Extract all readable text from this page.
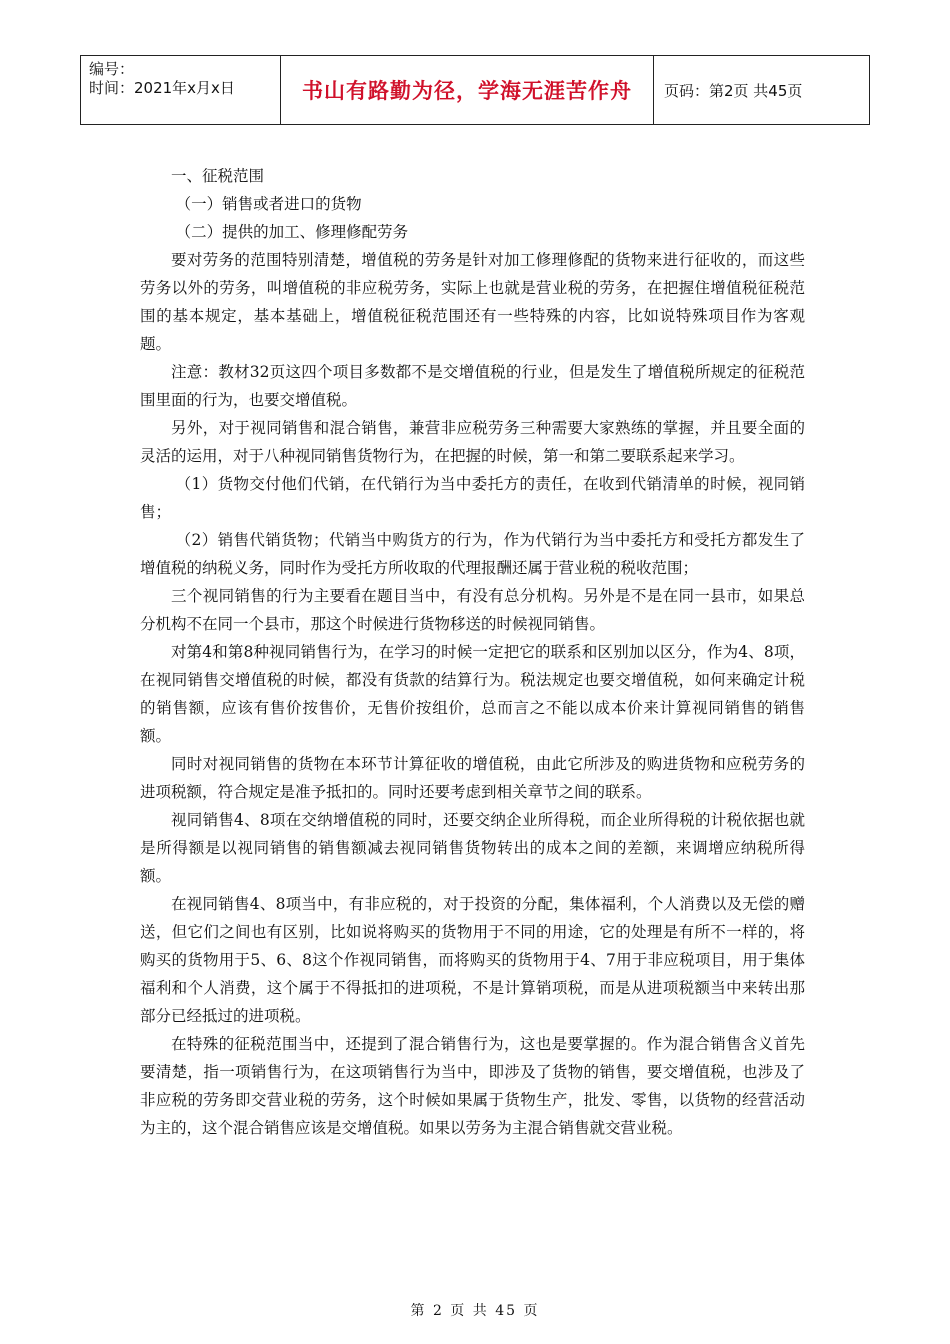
编号：
时间：2021年x月x日	书山有路勤为径，学海无涯苦作舟	页码：第2页 共45页

一、征税范围

（一）销售或者进口的货物

（二）提供的加工、修理修配劳务

要对劳务的范围特别清楚，增值税的劳务是针对加工修理修配的货物来进行征收的，而这些劳务以外的劳务，叫增值税的非应税劳务，实际上也就是营业税的劳务，在把握住增值税征税范围的基本规定，基本基础上，增值税征税范围还有一些特殊的内容，比如说特殊项目作为客观题。

注意：教材32页这四个项目多数都不是交增值税的行业，但是发生了增值税所规定的征税范围里面的行为，也要交增值税。

另外，对于视同销售和混合销售，兼营非应税劳务三种需要大家熟练的掌握，并且要全面的灵活的运用，对于八种视同销售货物行为，在把握的时候，第一和第二要联系起来学习。

（1）货物交付他们代销，在代销行为当中委托方的责任，在收到代销清单的时候，视同销售；

（2）销售代销货物；代销当中购货方的行为，作为代销行为当中委托方和受托方都发生了增值税的纳税义务，同时作为受托方所收取的代理报酬还属于营业税的税收范围；

三个视同销售的行为主要看在题目当中，有没有总分机构。另外是不是在同一县市，如果总分机构不在同一个县市，那这个时候进行货物移送的时候视同销售。

对第4和第8种视同销售行为，在学习的时候一定把它的联系和区别加以区分，作为4、8项，在视同销售交增值税的时候，都没有货款的结算行为。税法规定也要交增值税，如何来确定计税的销售额，应该有售价按售价，无售价按组价，总而言之不能以成本价来计算视同销售的销售额。

同时对视同销售的货物在本环节计算征收的增值税，由此它所涉及的购进货物和应税劳务的进项税额，符合规定是准予抵扣的。同时还要考虑到相关章节之间的联系。

视同销售4、8项在交纳增值税的同时，还要交纳企业所得税，而企业所得税的计税依据也就是所得额是以视同销售的销售额减去视同销售货物转出的成本之间的差额，来调增应纳税所得额。

在视同销售4、8项当中，有非应税的，对于投资的分配，集体福利，个人消费以及无偿的赠送，但它们之间也有区别，比如说将购买的货物用于不同的用途，它的处理是有所不一样的，将购买的货物用于5、6、8这个作视同销售，而将购买的货物用于4、7用于非应税项目，用于集体福利和个人消费，这个属于不得抵扣的进项税，不是计算销项税，而是从进项税额当中来转出那部分已经抵过的进项税。

在特殊的征税范围当中，还提到了混合销售行为，这也是要掌握的。作为混合销售含义首先要清楚，指一项销售行为，在这项销售行为当中，即涉及了货物的销售，要交增值税，也涉及了非应税的劳务即交营业税的劳务，这个时候如果属于货物生产，批发、零售，以货物的经营活动为主的，这个混合销售应该是交增值税。如果以劳务为主混合销售就交营业税。

第 2 页 共 45 页
